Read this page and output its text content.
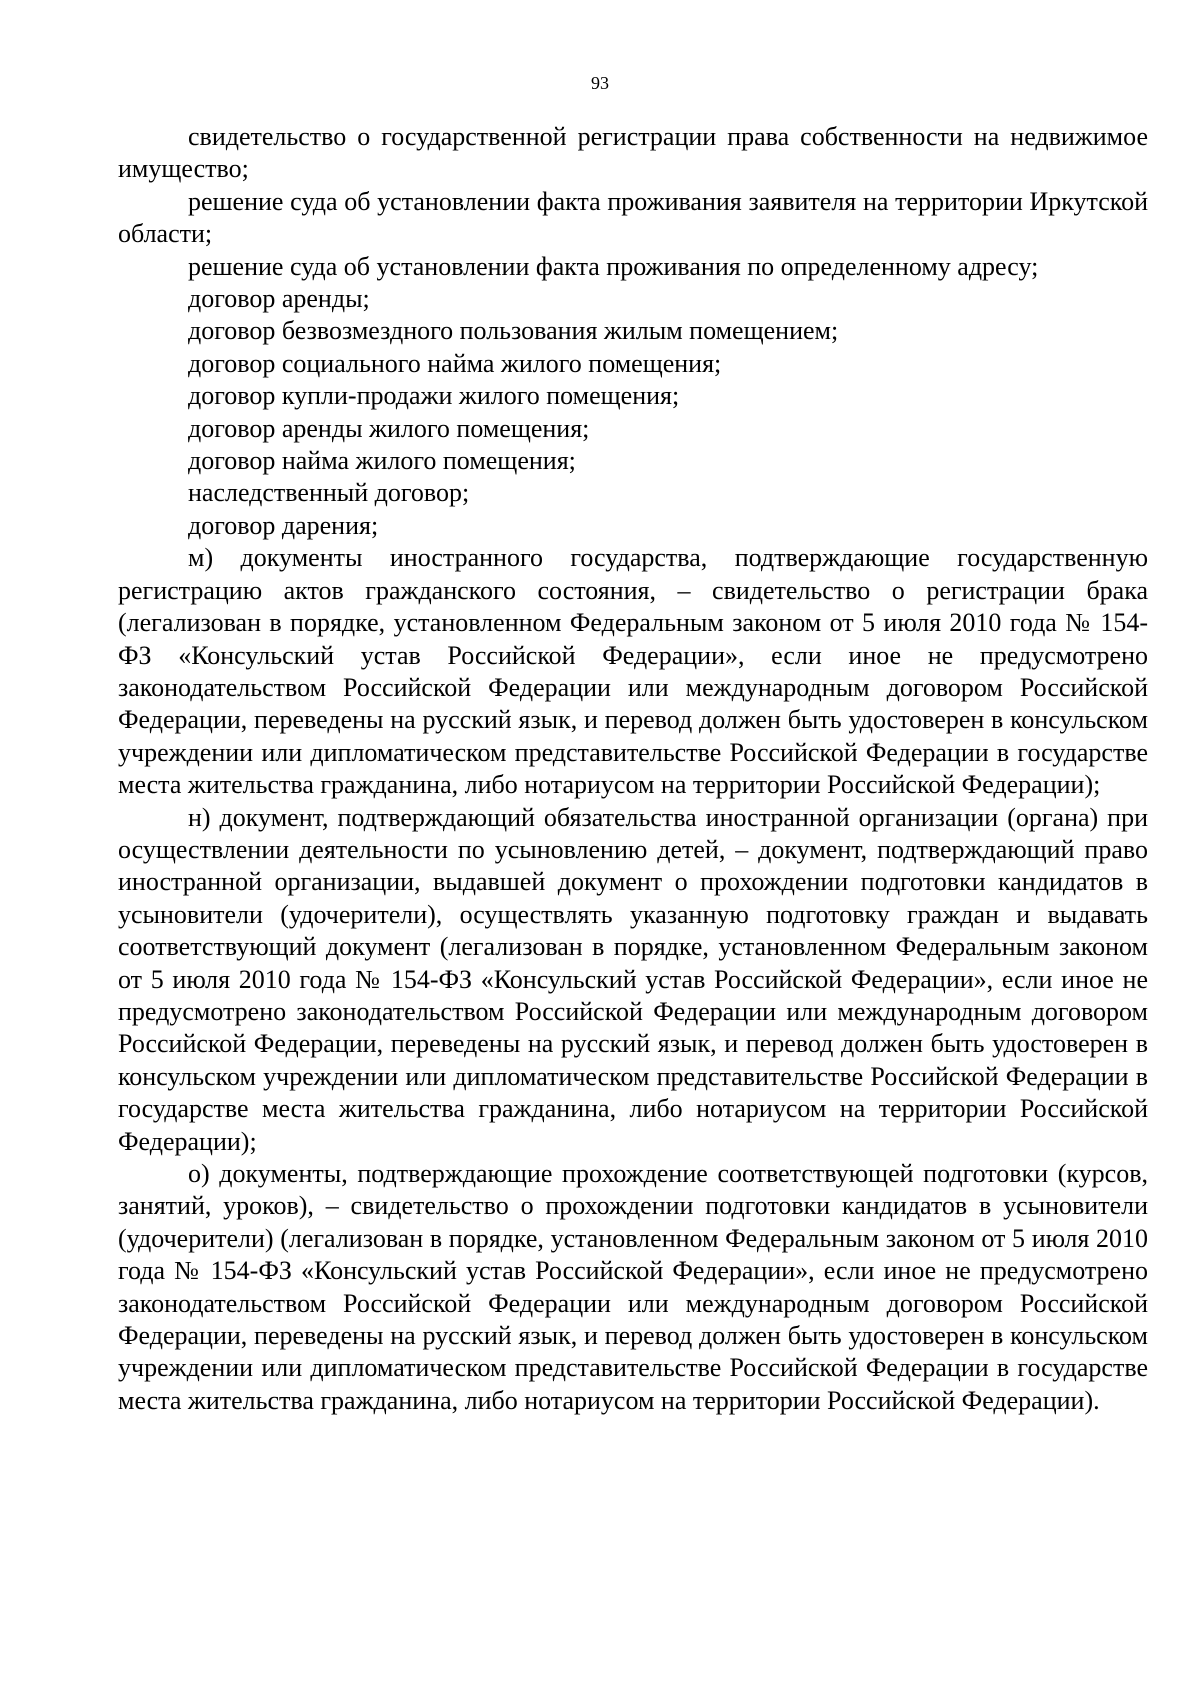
93

свидетельство о государственной регистрации права собственности на недвижимое имущество;

решение суда об установлении факта проживания заявителя на территории Иркутской области;

решение суда об установлении факта проживания по определенному адресу;

договор аренды;

договор безвозмездного пользования жилым помещением;

договор социального найма жилого помещения;

договор купли-продажи жилого помещения;

договор аренды жилого помещения;

договор найма жилого помещения;

наследственный договор;

договор дарения;

м) документы иностранного государства, подтверждающие государственную регистрацию актов гражданского состояния, – свидетельство о регистрации брака (легализован в порядке, установленном Федеральным законом от 5 июля 2010 года № 154-ФЗ «Консульский устав Российской Федерации», если иное не предусмотрено законодательством Российской Федерации или международным договором Российской Федерации, переведены на русский язык, и перевод должен быть удостоверен в консульском учреждении или дипломатическом представительстве Российской Федерации в государстве места жительства гражданина, либо нотариусом на территории Российской Федерации);

н) документ, подтверждающий обязательства иностранной организации (органа) при осуществлении деятельности по усыновлению детей, – документ, подтверждающий право иностранной организации, выдавшей документ о прохождении подготовки кандидатов в усыновители (удочерители), осуществлять указанную подготовку граждан и выдавать соответствующий документ (легализован в порядке, установленном Федеральным законом от 5 июля 2010 года № 154-ФЗ «Консульский устав Российской Федерации», если иное не предусмотрено законодательством Российской Федерации или международным договором Российской Федерации, переведены на русский язык, и перевод должен быть удостоверен в консульском учреждении или дипломатическом представительстве Российской Федерации в государстве места жительства гражданина, либо нотариусом на территории Российской Федерации);

о) документы, подтверждающие прохождение соответствующей подготовки (курсов, занятий, уроков), – свидетельство о прохождении подготовки кандидатов в усыновители (удочерители) (легализован в порядке, установленном Федеральным законом от 5 июля 2010 года № 154-ФЗ «Консульский устав Российской Федерации», если иное не предусмотрено законодательством Российской Федерации или международным договором Российской Федерации, переведены на русский язык, и перевод должен быть удостоверен в консульском учреждении или дипломатическом представительстве Российской Федерации в государстве места жительства гражданина, либо нотариусом на территории Российской Федерации).
